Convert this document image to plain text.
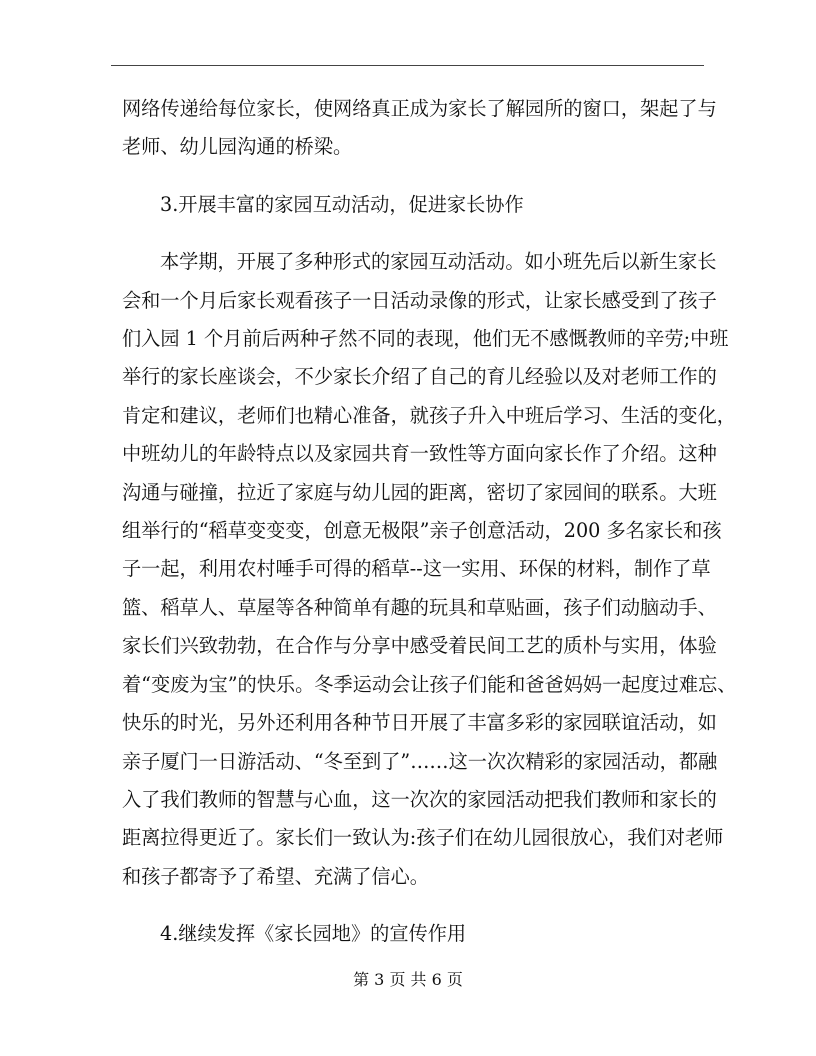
网络传递给每位家长，使网络真正成为家长了解园所的窗口，架起了与
老师、幼儿园沟通的桥梁。

3.开展丰富的家园互动活动，促进家长协作

本学期，开展了多种形式的家园互动活动。如小班先后以新生家长
会和一个月后家长观看孩子一日活动录像的形式，让家长感受到了孩子
们入园 1 个月前后两种孑然不同的表现，他们无不感慨教师的辛劳;中班
举行的家长座谈会，不少家长介绍了自己的育儿经验以及对老师工作的
肯定和建议，老师们也精心准备，就孩子升入中班后学习、生活的变化，
中班幼儿的年龄特点以及家园共育一致性等方面向家长作了介绍。这种
沟通与碰撞，拉近了家庭与幼儿园的距离，密切了家园间的联系。大班
组举行的“稻草变变变，创意无极限”亲子创意活动，200 多名家长和孩
子一起，利用农村唾手可得的稻草--这一实用、环保的材料，制作了草
篮、稻草人、草屋等各种简单有趣的玩具和草贴画，孩子们动脑动手、
家长们兴致勃勃，在合作与分享中感受着民间工艺的质朴与实用，体验
着“变废为宝”的快乐。冬季运动会让孩子们能和爸爸妈妈一起度过难忘、
快乐的时光，另外还利用各种节日开展了丰富多彩的家园联谊活动，如
亲子厦门一日游活动、“冬至到了”……这一次次精彩的家园活动，都融
入了我们教师的智慧与心血，这一次次的家园活动把我们教师和家长的
距离拉得更近了。家长们一致认为:孩子们在幼儿园很放心，我们对老师
和孩子都寄予了希望、充满了信心。

4.继续发挥《家长园地》的宣传作用

第 3 页 共 6 页
